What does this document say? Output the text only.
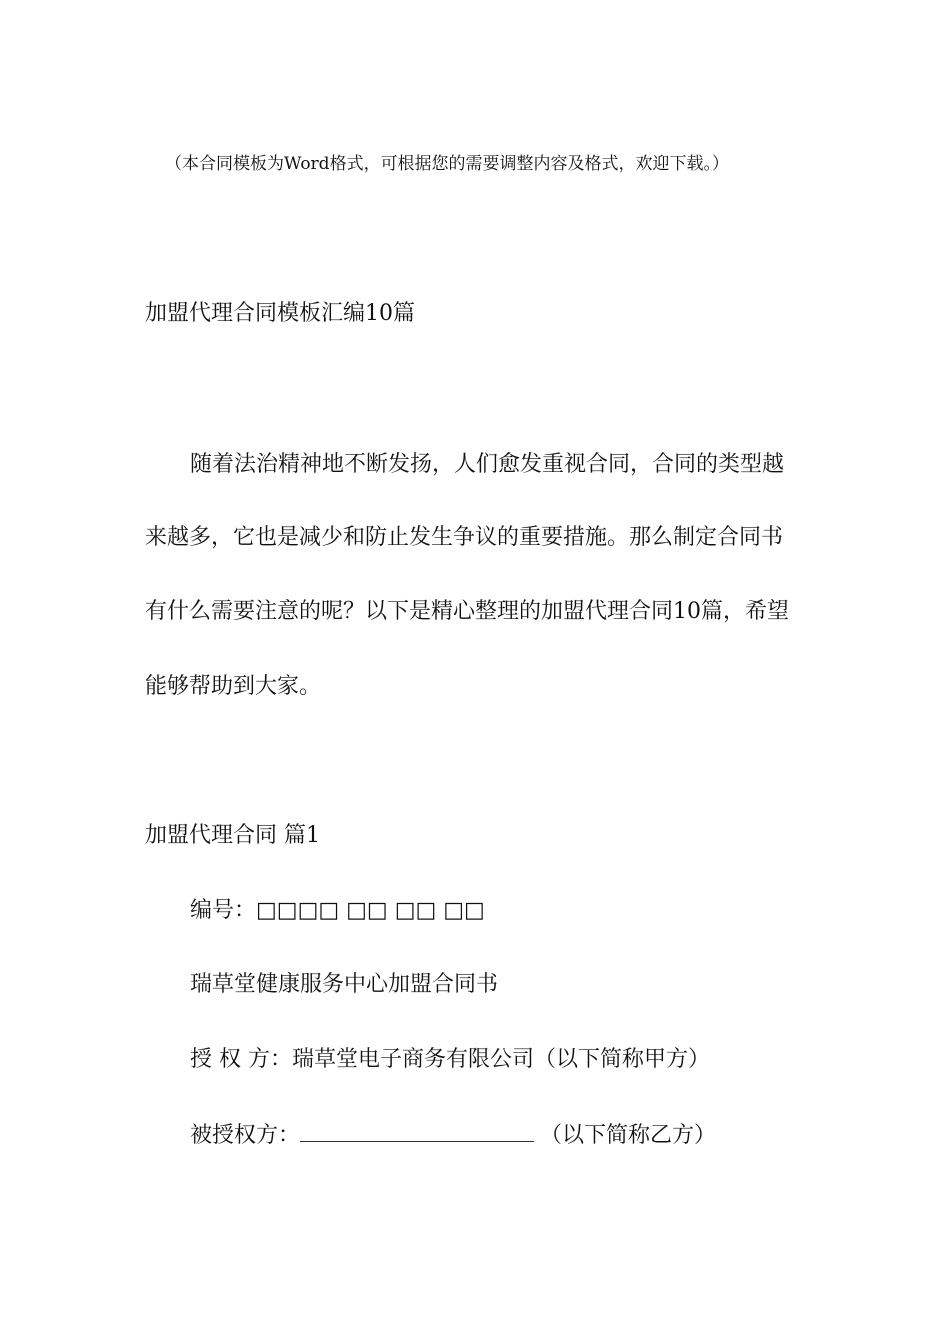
（本合同模板为Word格式，可根据您的需要调整内容及格式，欢迎下载。）
加盟代理合同模板汇编10篇
随着法治精神地不断发扬，人们愈发重视合同，合同的类型越
来越多，它也是减少和防止发生争议的重要措施。那么制定合同书
有什么需要注意的呢？以下是精心整理的加盟代理合同10篇，希望
能够帮助到大家。
加盟代理合同 篇1
编号：□□□□ □□ □□ □□
瑞草堂健康服务中心加盟合同书
授 权 方：瑞草堂电子商务有限公司（以下简称甲方）
被授权方：	（以下简称乙方）
